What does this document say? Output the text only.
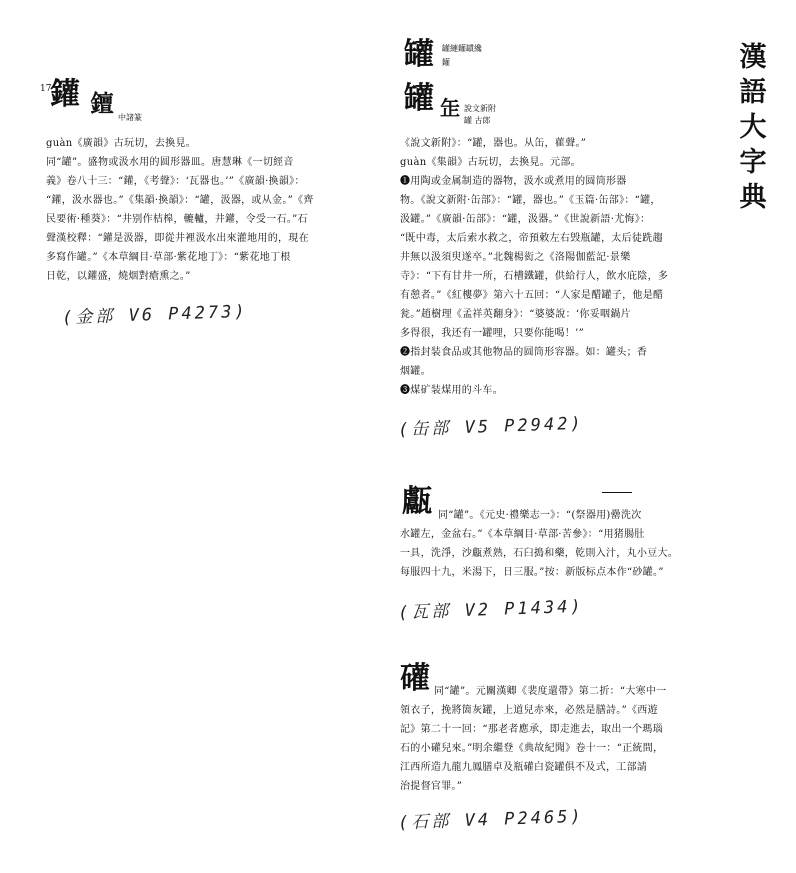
漢
語
大
字
典
17
鑵 𨭖 中諸篆
guàn《廣韻》古玩切，去換見。
同“罐”。盛物或汲水用的圆形器皿。唐慧琳《一切經音
義》卷八十三：“鑵，《考聲》：‘瓦器也。’”《廣韻·換韻》：
“鑵，汲水器也。”《集韻·換韻》：“罐，汲器，或从金。”《齊
民要術·種葵》：“井别作桔槔，轆轤，井鑵，令受一石。”石
聲漢校釋：“鑵是汲器，即從井裡汲水出來灌地用的，現在
多寫作罐。”《本草綱目·草部·紫花地丁》：“紫花地丁根
日乾，以鑵盛，燒烟對瘡熏之。”
(金部 V6 P4273)
罐 罐縺鑵罆纔
鑵
罐 𦈢 說文新附
罐 古郎
《說文新附》：“罐，器也。从缶，雚聲。”
guàn《集韻》古玩切，去換見。元部。
❶用陶或金属制造的器物，汲水或煮用的圆筒形器
物。《說文新附·缶部》：“罐，器也。”《玉篇·缶部》：“罐，
汲罐。”《廣韻·缶部》：“罐，汲器。”《世說新語·尤悔》：
“既中毒，太后索水救之，帝預敕左右毁瓶罐，太后徒跣趨
井無以汲須臾遂卒。”北魏楊衒之《洛陽伽藍記·景樂
寺》：“下有甘井一所，石槽鐵罐，供給行人，飲水庇陰，多
有憩者。”《紅樓夢》第六十五回：“人家是醋罐子，他是醋
瓮。”趙樹理《孟祥英翻身》：“婆婆說：‘你妥咽鍋片
多得很，我还有一罐哩，只要你能喝！’”
❷指封装食品或其他物品的圆筒形容器。如：罐头；香
烟罐。
❸煤矿装煤用的斗车。
(缶部 V5 P2942)
甗 同“罐”。《元史·禮樂志一》：“(祭器用)罍洗次
水罐左，金盆右。”《本草綱目·草部·苦參》：“用猪腸肚
一具，洗淨，沙甗煮熟，石臼搗和藥，乾則入汁，丸小豆大。
每服四十九，米湯下，日三服。”按：新版标点本作“砂罐。”
(瓦部 V2 P1434)
礶 同“罐”。元關漢卿《裴度還帶》第二折：“大寒中一
領衣子，挽將箇灰罐，上道兒赤來，必然是膳詩。”《西遊
記》第二十一回：“那老者應承，即走進去，取出一个瑪瑙
石的小礶兒來。”明余繼登《典故紀聞》卷十一：“正統間，
江西所造九龍九鳳膳卓及瓶礶白瓷罐俱不及式，工部請
治提督官罪。”
(石部 V4 P2465)
